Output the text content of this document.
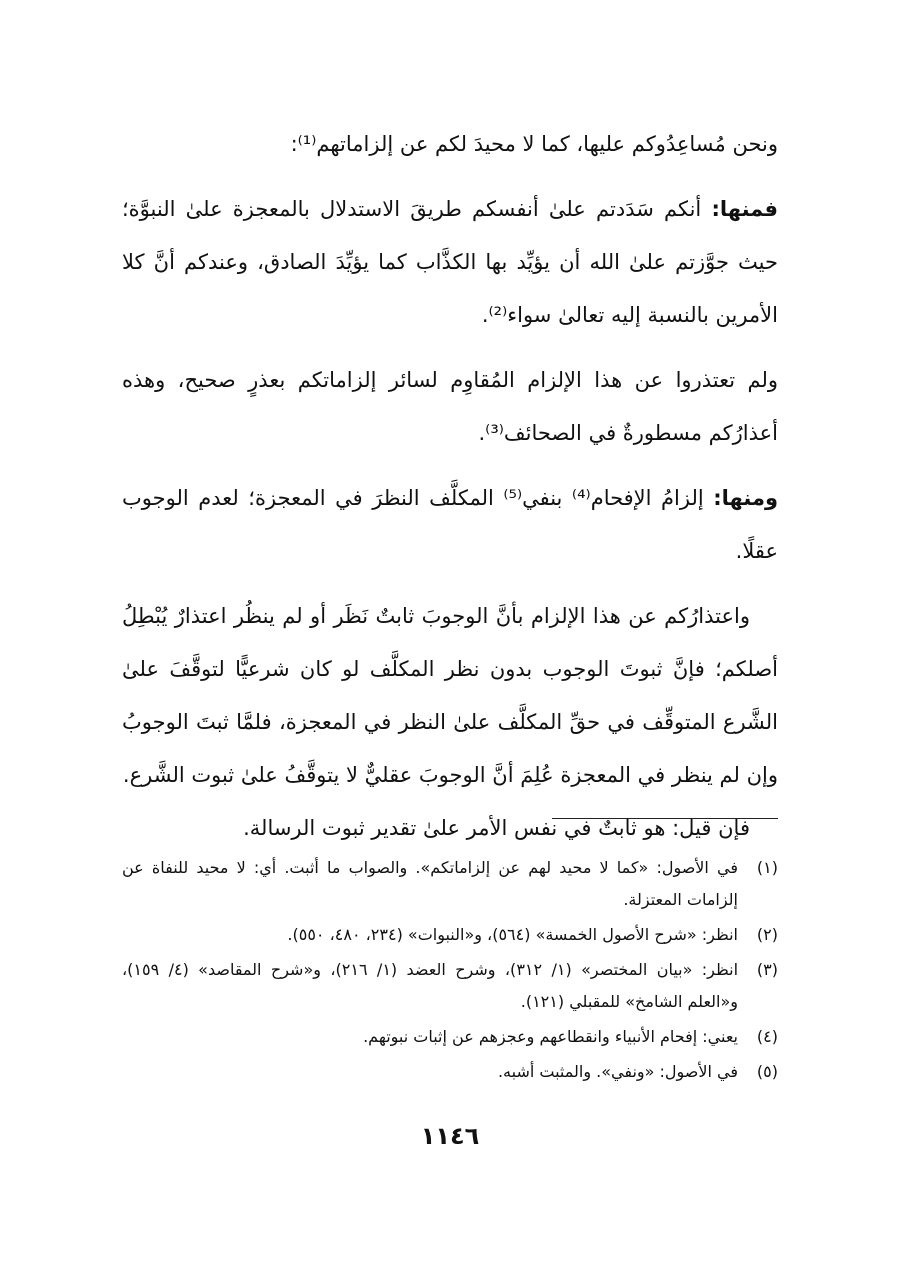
ونحن مُساعِدُوكم عليها، كما لا محيدَ لكم عن إلزاماتهم⁽¹⁾:

فمنها: أنكم سَدَدتم علىٰ أنفسكم طريقَ الاستدلال بالمعجزة علىٰ النبوَّة؛ حيث جوَّزتم علىٰ الله أن يؤيِّد بها الكذَّاب كما يؤيِّدَ الصادق، وعندكم أنَّ كلا الأمرين بالنسبة إليه تعالىٰ سواء⁽²⁾.

ولم تعتذروا عن هذا الإلزام المُقاوِم لسائر إلزاماتكم بعذرٍ صحيح، وهذه أعذارُكم مسطورةٌ في الصحائف⁽³⁾.

ومنها: إلزامُ الإفحام⁽⁴⁾ بنفي⁽⁵⁾ المكلَّف النظرَ في المعجزة؛ لعدم الوجوب عقلًا.

واعتذارُكم عن هذا الإلزام بأنَّ الوجوبَ ثابتٌ نَظَر أو لم ينظُر اعتذارٌ يُبْطِلُ أصلكم؛ فإنَّ ثبوتَ الوجوب بدون نظر المكلَّف لو كان شرعيًّا لتوقَّفَ علىٰ الشَّرع المتوقِّف في حقِّ المكلَّف علىٰ النظر في المعجزة، فلمَّا ثبتَ الوجوبُ وإن لم ينظر في المعجزة عُلِمَ أنَّ الوجوبَ عقليٌّ لا يتوقَّفُ علىٰ ثبوت الشَّرع.

فإن قيل: هو ثابتٌ في نفس الأمر علىٰ تقدير ثبوت الرسالة.

(١)
في الأصول: «كما لا محيد لهم عن إلزاماتكم». والصواب ما أثبت. أي: لا محيد للنفاة عن إلزامات المعتزلة.
(٢)
انظر: «شرح الأصول الخمسة» (٥٦٤)، و«النبوات» (٢٣٤، ٤٨٠، ٥٥٠).
(٣)
انظر: «بيان المختصر» (١/ ٣١٢)، وشرح العضد (١/ ٢١٦)، و«شرح المقاصد» (٤/ ١٥٩)، و«العلم الشامخ» للمقبلي (١٢١).
(٤)
يعني: إفحام الأنبياء وانقطاعهم وعجزهم عن إثبات نبوتهم.
(٥)
في الأصول: «ونفي». والمثبت أشبه.
١١٤٦
